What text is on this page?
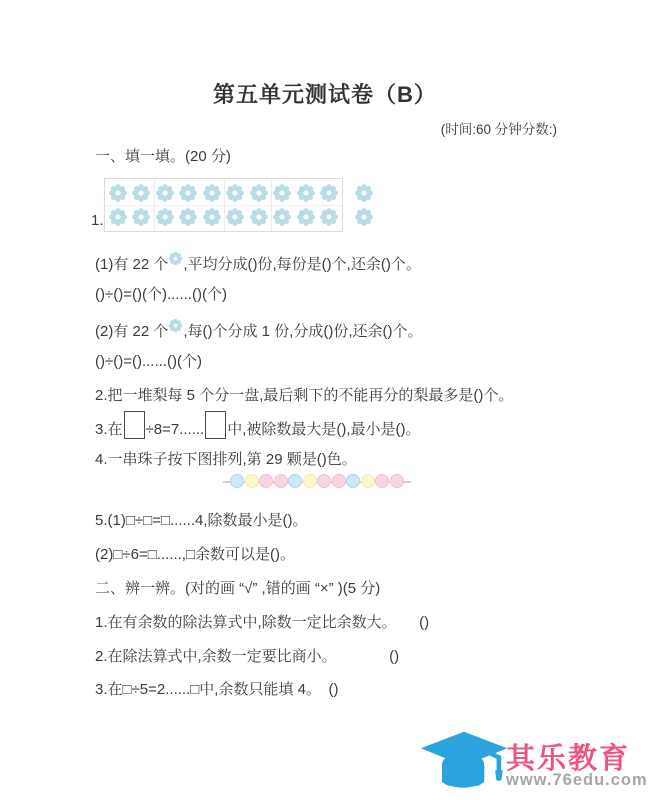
第五单元测试卷（B）
(时间:60 分钟分数:)
一、填一填。(20 分)
1.
(1)有 22 个 ,平均分成()份,每份是()个,还余()个。
()÷()=()(个)......()(个)
(2)有 22 个 ,每()个分成 1 份,分成()份,还余()个。
()÷()=()......()(个)
2.把一堆梨每 5 个分一盘,最后剩下的不能再分的梨最多是()个。
3.在 ÷8=7...... 中,被除数最大是(),最小是()。
4.一串珠子按下图排列,第 29 颗是()色。
5.(1)□÷□=□......4,除数最小是()。
(2)□÷6=□......,□余数可以是()。
二、辨一辨。(对的画 “√” ,错的画 “×” )(5 分)
1.在有余数的除法算式中,除数一定比余数大。　　()
2.在除法算式中,余数一定要比商小。　　　　()
3.在□÷5=2......□中,余数只能填 4。　()
其乐教育
www.76edu.com
